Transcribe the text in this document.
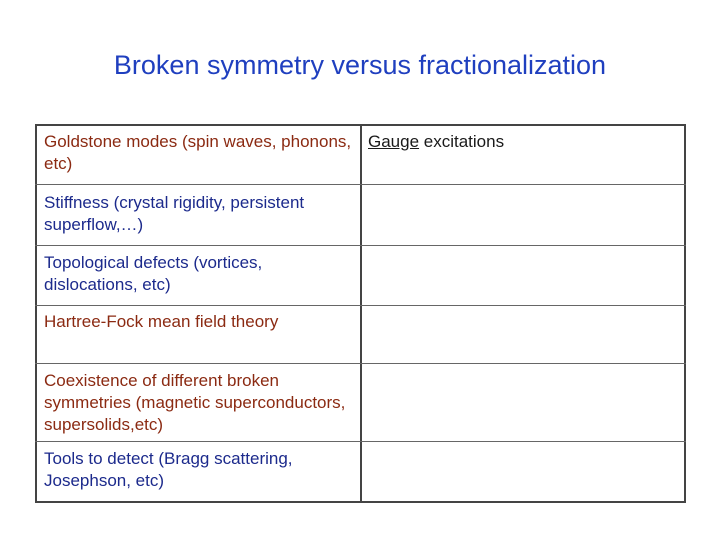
Broken symmetry versus fractionalization
Goldstone modes (spin waves, phonons, etc)
Stiffness (crystal rigidity, persistent superflow,…)
Topological defects (vortices, dislocations, etc)
Hartree-Fock mean field theory
Coexistence of different broken symmetries (magnetic superconductors, supersolids,etc)
Tools to detect (Bragg scattering, Josephson, etc)
Gauge excitations
